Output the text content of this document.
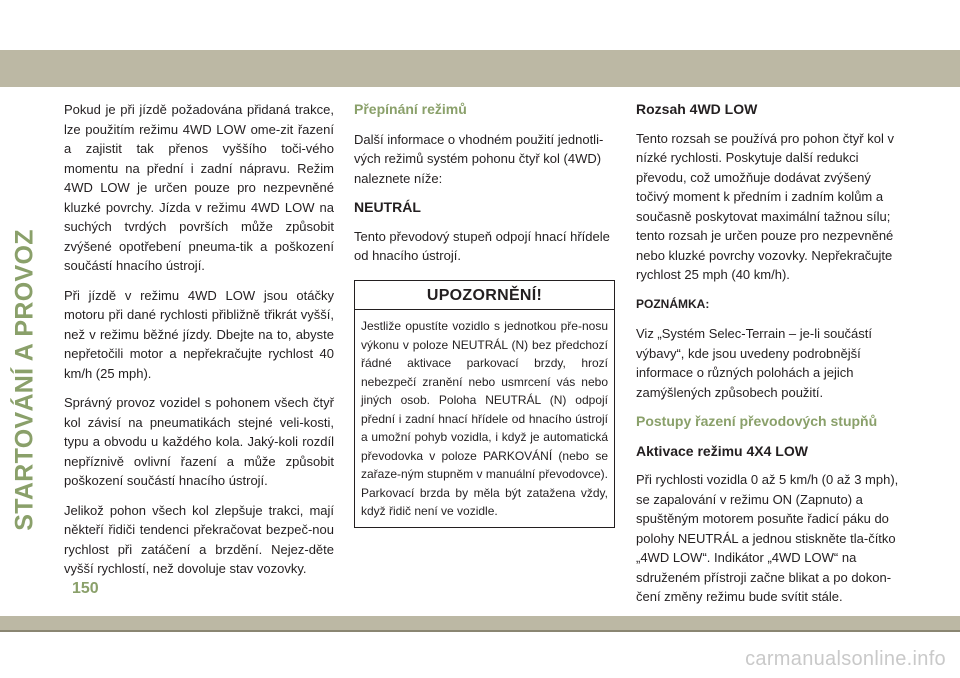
STARTOVÁNÍ A PROVOZ

Pokud je při jízdě požadována přidaná trakce, lze použitím režimu 4WD LOW ome-zit řazení a zajistit tak přenos vyššího toči-vého momentu na přední i zadní nápravu. Režim 4WD LOW je určen pouze pro nezpevněné kluzké povrchy. Jízda v režimu 4WD LOW na suchých tvrdých površích může způsobit zvýšené opotřebení pneuma-tik a poškození součástí hnacího ústrojí.

Při jízdě v režimu 4WD LOW jsou otáčky motoru při dané rychlosti přibližně třikrát vyšší, než v režimu běžné jízdy. Dbejte na to, abyste nepřetočili motor a nepřekračujte rychlost 40 km/h (25 mph).

Správný provoz vozidel s pohonem všech čtyř kol závisí na pneumatikách stejné veli-kosti, typu a obvodu u každého kola. Jaký-koli rozdíl nepříznivě ovlivní řazení a může způsobit poškození součástí hnacího ústrojí.

Jelikož pohon všech kol zlepšuje trakci, mají někteří řidiči tendenci překračovat bezpeč-nou rychlost při zatáčení a brzdění. Nejez-děte vyšší rychlostí, než dovoluje stav vozovky.

Přepínání režimů

Další informace o vhodném použití jednotli-vých režimů systém pohonu čtyř kol (4WD) naleznete níže:

NEUTRÁL

Tento převodový stupeň odpojí hnací hřídele od hnacího ústrojí.

UPOZORNĚNÍ!
Jestliže opustíte vozidlo s jednotkou pře-nosu výkonu v poloze NEUTRÁL (N) bez předchozí řádné aktivace parkovací brzdy, hrozí nebezpečí zranění nebo usmrcení vás nebo jiných osob. Poloha NEUTRÁL (N) odpojí přední i zadní hnací hřídele od hnacího ústrojí a umožní pohyb vozidla, i když je automatická převodovka v poloze PARKOVÁNÍ (nebo se zařaze-ným stupněm v manuální převodovce). Parkovací brzda by měla být zatažena vždy, když řidič není ve vozidle.
Rozsah 4WD LOW

Tento rozsah se používá pro pohon čtyř kol v nízké rychlosti. Poskytuje další redukci převodu, což umožňuje dodávat zvýšený točivý moment k předním i zadním kolům a současně poskytovat maximální tažnou sílu; tento rozsah je určen pouze pro nezpevněné nebo kluzké povrchy vozovky. Nepřekračujte rychlost 25 mph (40 km/h).

POZNÁMKA:

Viz „Systém Selec-Terrain – je-li součástí výbavy“, kde jsou uvedeny podrobnější informace o různých polohách a jejich zamýšlených způsobech použití.

Postupy řazení převodových stupňů
Aktivace režimu 4X4 LOW

Při rychlosti vozidla 0 až 5 km/h (0 až 3 mph), se zapalování v režimu ON (Zapnuto) a spuštěným motorem posuňte řadicí páku do polohy NEUTRÁL a jednou stiskněte tla-čítko „4WD LOW“. Indikátor „4WD LOW“ na sdruženém přístroji začne blikat a po dokon-čení změny režimu bude svítit stále.

150
carmanualsonline.info
